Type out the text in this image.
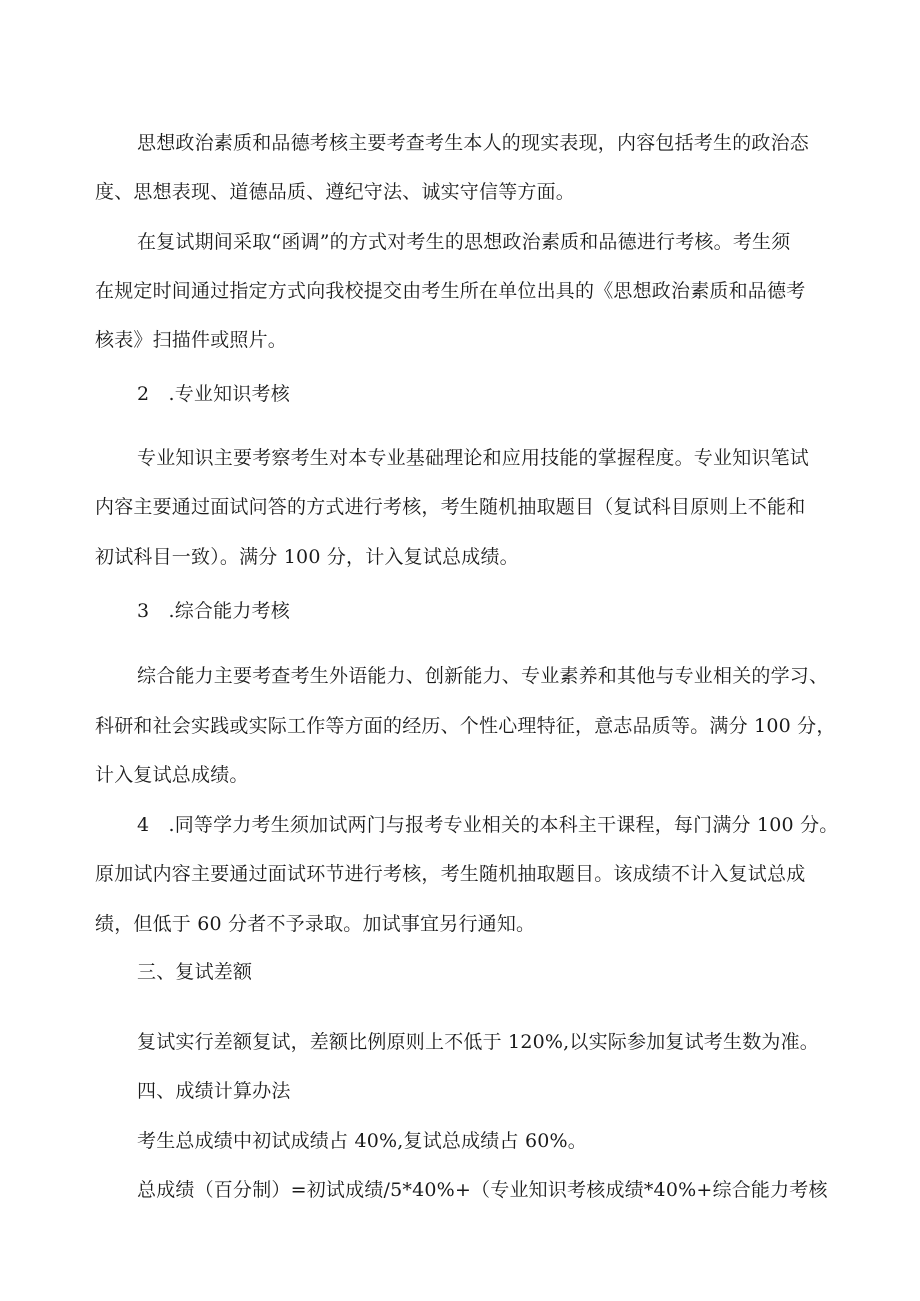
思想政治素质和品德考核主要考查考生本人的现实表现，内容包括考生的政治态
度、思想表现、道德品质、遵纪守法、诚实守信等方面。
在复试期间采取“函调”的方式对考生的思想政治素质和品德进行考核。考生须
在规定时间通过指定方式向我校提交由考生所在单位出具的《思想政治素质和品德考
核表》扫描件或照片。
2　.专业知识考核
专业知识主要考察考生对本专业基础理论和应用技能的掌握程度。专业知识笔试
内容主要通过面试问答的方式进行考核，考生随机抽取题目（复试科目原则上不能和
初试科目一致）。满分 100 分，计入复试总成绩。
3　.综合能力考核
综合能力主要考查考生外语能力、创新能力、专业素养和其他与专业相关的学习、
科研和社会实践或实际工作等方面的经历、个性心理特征，意志品质等。满分 100 分，
计入复试总成绩。
4　.同等学力考生须加试两门与报考专业相关的本科主干课程，每门满分 100 分。
原加试内容主要通过面试环节进行考核，考生随机抽取题目。该成绩不计入复试总成
绩，但低于 60 分者不予录取。加试事宜另行通知。
三、复试差额
复试实行差额复试，差额比例原则上不低于 120%,以实际参加复试考生数为准。
四、成绩计算办法
考生总成绩中初试成绩占 40%,复试总成绩占 60%。
总成绩（百分制）=初试成绩/5*40%+（专业知识考核成绩*40%+综合能力考核
